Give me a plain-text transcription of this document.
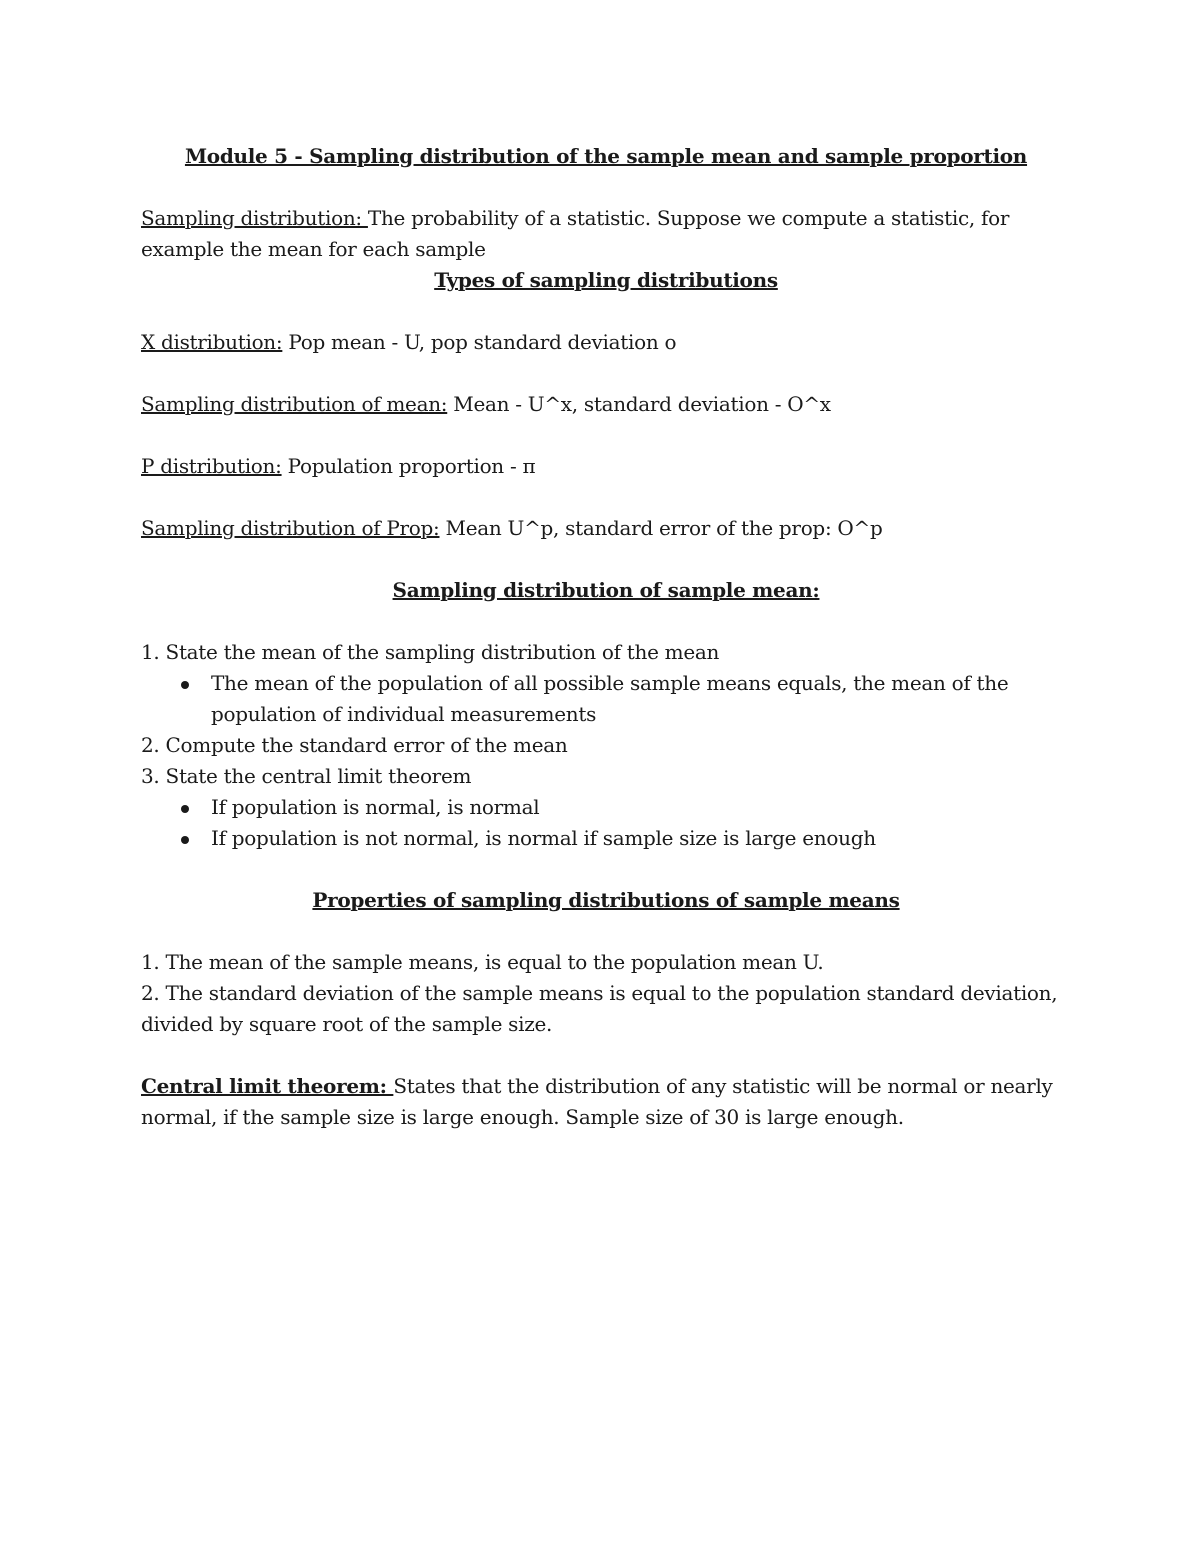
Module 5 - Sampling distribution of the sample mean and sample proportion

Sampling distribution: The probability of a statistic. Suppose we compute a statistic, for example the mean for each sample

Types of sampling distributions

X distribution: Pop mean - U, pop standard deviation o

Sampling distribution of mean: Mean - U^x, standard deviation - O^x

P distribution: Population proportion - π

Sampling distribution of Prop: Mean U^p, standard error of the prop: O^p

Sampling distribution of sample mean:

1. State the mean of the sampling distribution of the mean

The mean of the population of all possible sample means equals, the mean of the population of individual measurements

2. Compute the standard error of the mean

3. State the central limit theorem

If population is normal, is normal
If population is not normal, is normal if sample size is large enough

Properties of sampling distributions of sample means

1. The mean of the sample means, is equal to the population mean U.

2. The standard deviation of the sample means is equal to the population standard deviation, divided by square root of the sample size.

Central limit theorem: States that the distribution of any statistic will be normal or nearly normal, if the sample size is large enough. Sample size of 30 is large enough.
